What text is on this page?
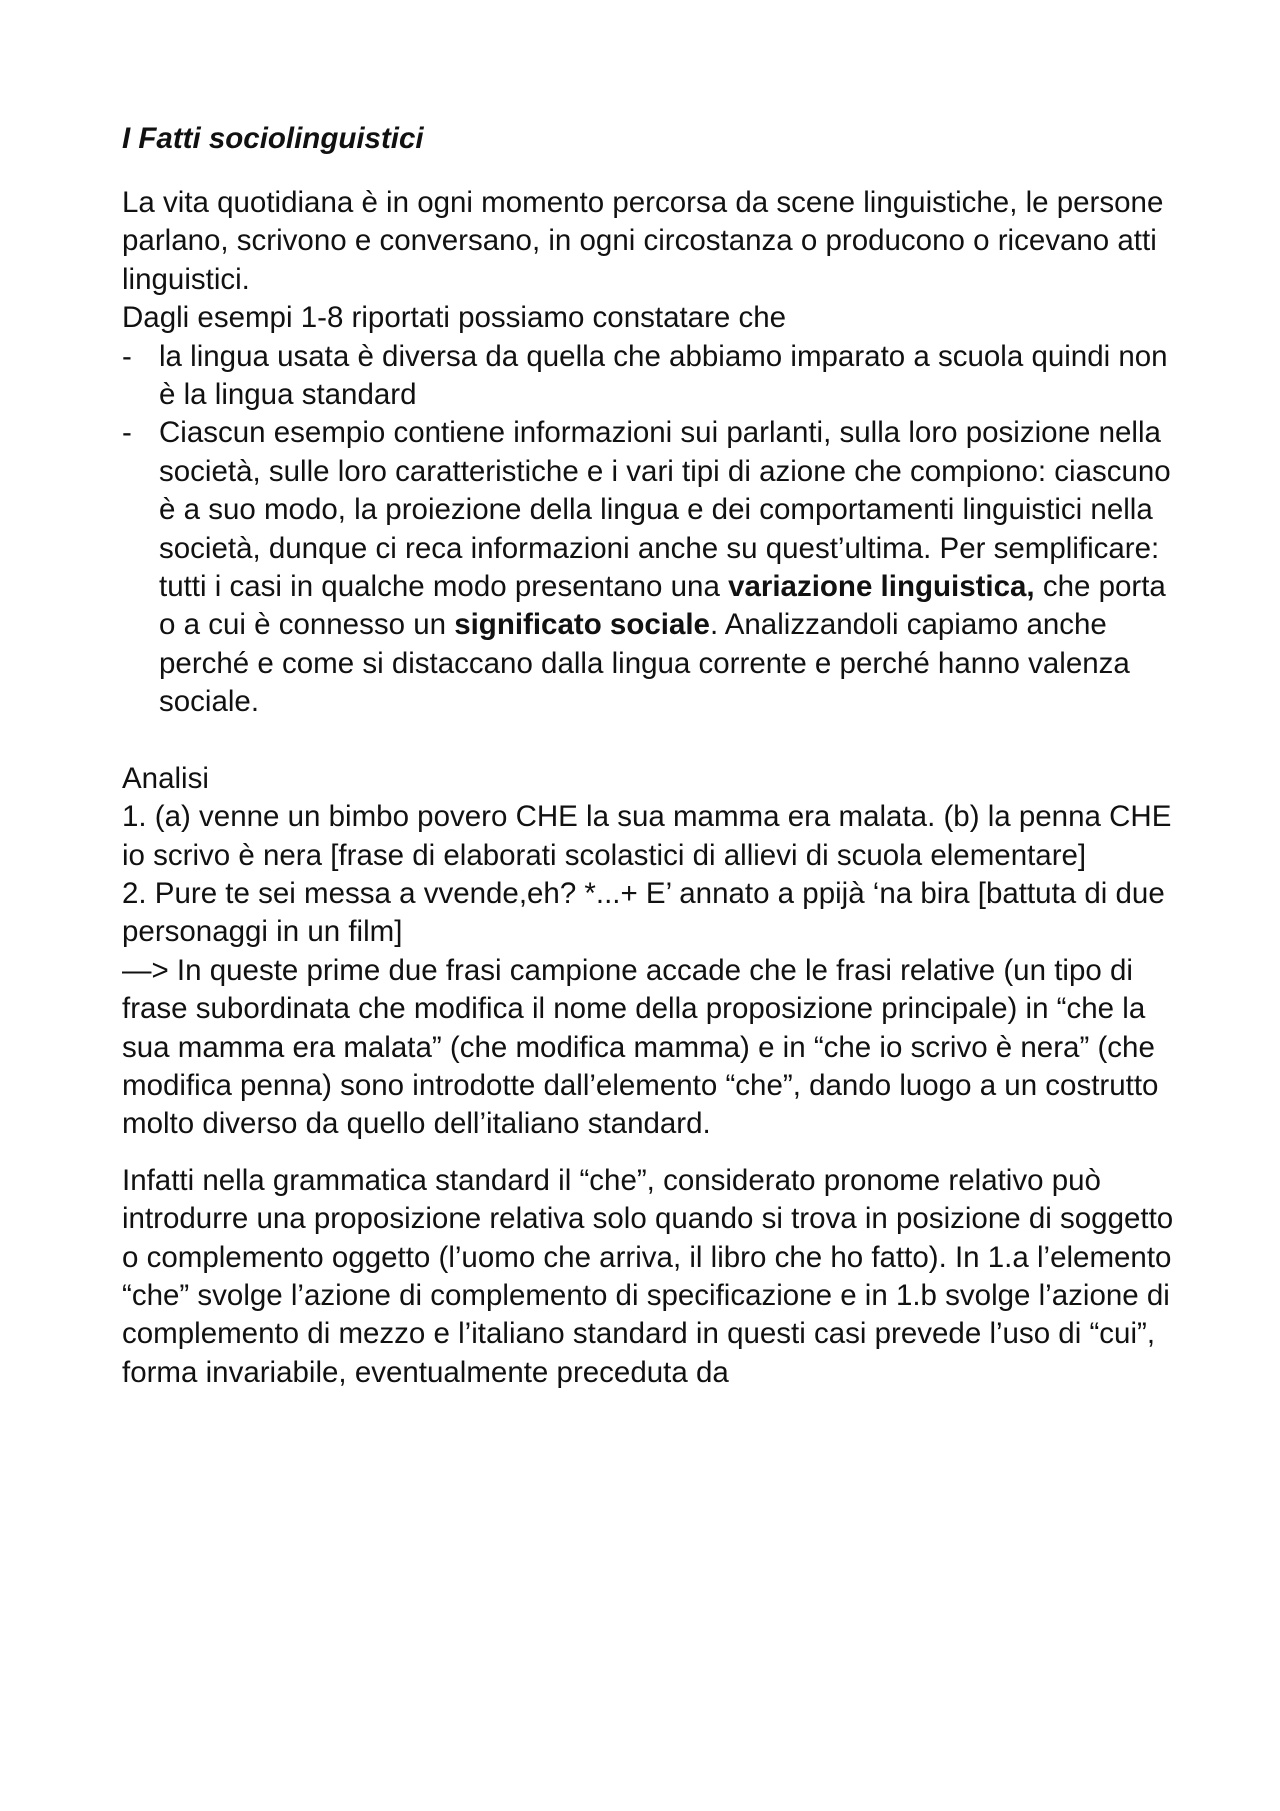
I Fatti sociolinguistici

La vita quotidiana è in ogni momento percorsa da scene linguistiche, le persone parlano, scrivono e conversano, in ogni circostanza o producono o ricevano atti linguistici.

Dagli esempi 1-8 riportati possiamo constatare che

- la lingua usata è diversa da quella che abbiamo imparato a scuola quindi non è la lingua standard
- Ciascun esempio contiene informazioni sui parlanti, sulla loro posizione nella società, sulle loro caratteristiche e i vari tipi di azione che compiono: ciascuno è a suo modo, la proiezione della lingua e dei comportamenti linguistici nella società, dunque ci reca informazioni anche su quest’ultima. Per semplificare: tutti i casi in qualche modo presentano una variazione linguistica, che porta o a cui è connesso un significato sociale. Analizzandoli capiamo anche perché e come si distaccano dalla lingua corrente e perché hanno valenza sociale.

Analisi

1. (a) venne un bimbo povero CHE la sua mamma era malata. (b) la penna CHE io scrivo è nera [frase di elaborati scolastici di allievi di scuola elementare]

2. Pure te sei messa a vvende,eh? *...+ E’ annato a ppijà ‘na bira [battuta di due personaggi in un film]

—> In queste prime due frasi campione accade che le frasi relative (un tipo di frase subordinata che modifica il nome della proposizione principale) in “che la sua mamma era malata” (che modifica mamma) e in “che io scrivo è nera” (che modifica penna) sono introdotte dall’elemento “che”, dando luogo a un costrutto molto diverso da quello dell’italiano standard.

Infatti nella grammatica standard il “che”, considerato pronome relativo può introdurre una proposizione relativa solo quando si trova in posizione di soggetto o complemento oggetto (l’uomo che arriva, il libro che ho fatto). In 1.a l’elemento “che” svolge l’azione di complemento di specificazione e in 1.b svolge l’azione di complemento di mezzo e l’italiano standard in questi casi prevede l’uso di “cui”, forma invariabile, eventualmente preceduta da
